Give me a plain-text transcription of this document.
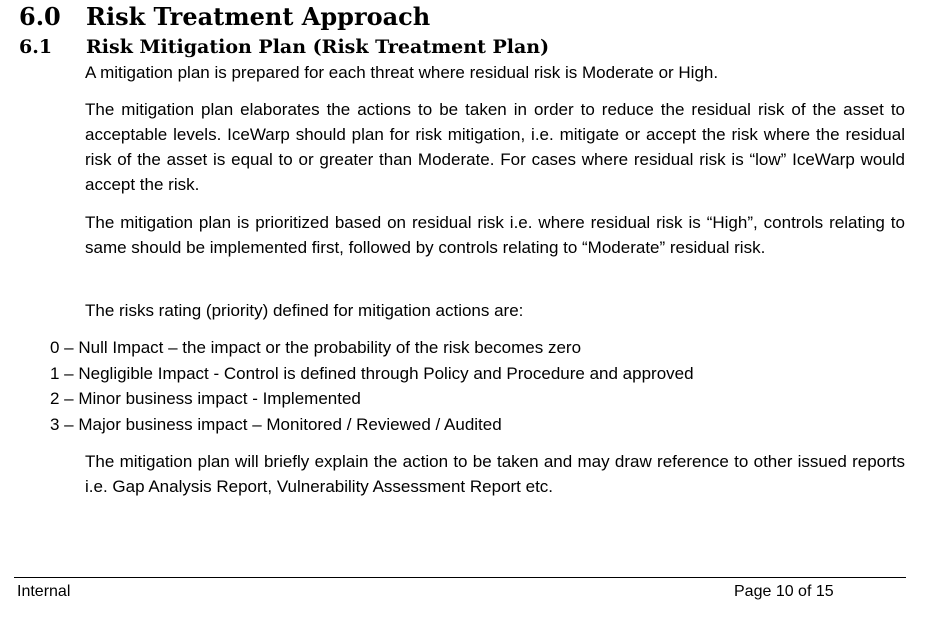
6.0 Risk Treatment Approach
6.1 Risk Mitigation Plan (Risk Treatment Plan)

A mitigation plan is prepared for each threat where residual risk is Moderate or High.

The mitigation plan elaborates the actions to be taken in order to reduce the residual risk of the asset to acceptable levels. IceWarp should plan for risk mitigation, i.e. mitigate or accept the risk where the residual risk of the asset is equal to or greater than Moderate. For cases where residual risk is “low” IceWarp would accept the risk.

The mitigation plan is prioritized based on residual risk i.e. where residual risk is “High”, controls relating to same should be implemented first, followed by controls relating to “Moderate” residual risk.

The risks rating (priority) defined for mitigation actions are:

0 – Null Impact – the impact or the probability of the risk becomes zero
1 – Negligible Impact - Control is defined through Policy and Procedure and approved
2 – Minor business impact - Implemented
3 – Major business impact – Monitored / Reviewed / Audited

The mitigation plan will briefly explain the action to be taken and may draw reference to other issued reports i.e. Gap Analysis Report, Vulnerability Assessment Report etc.

Internal	Page 10 of 15
